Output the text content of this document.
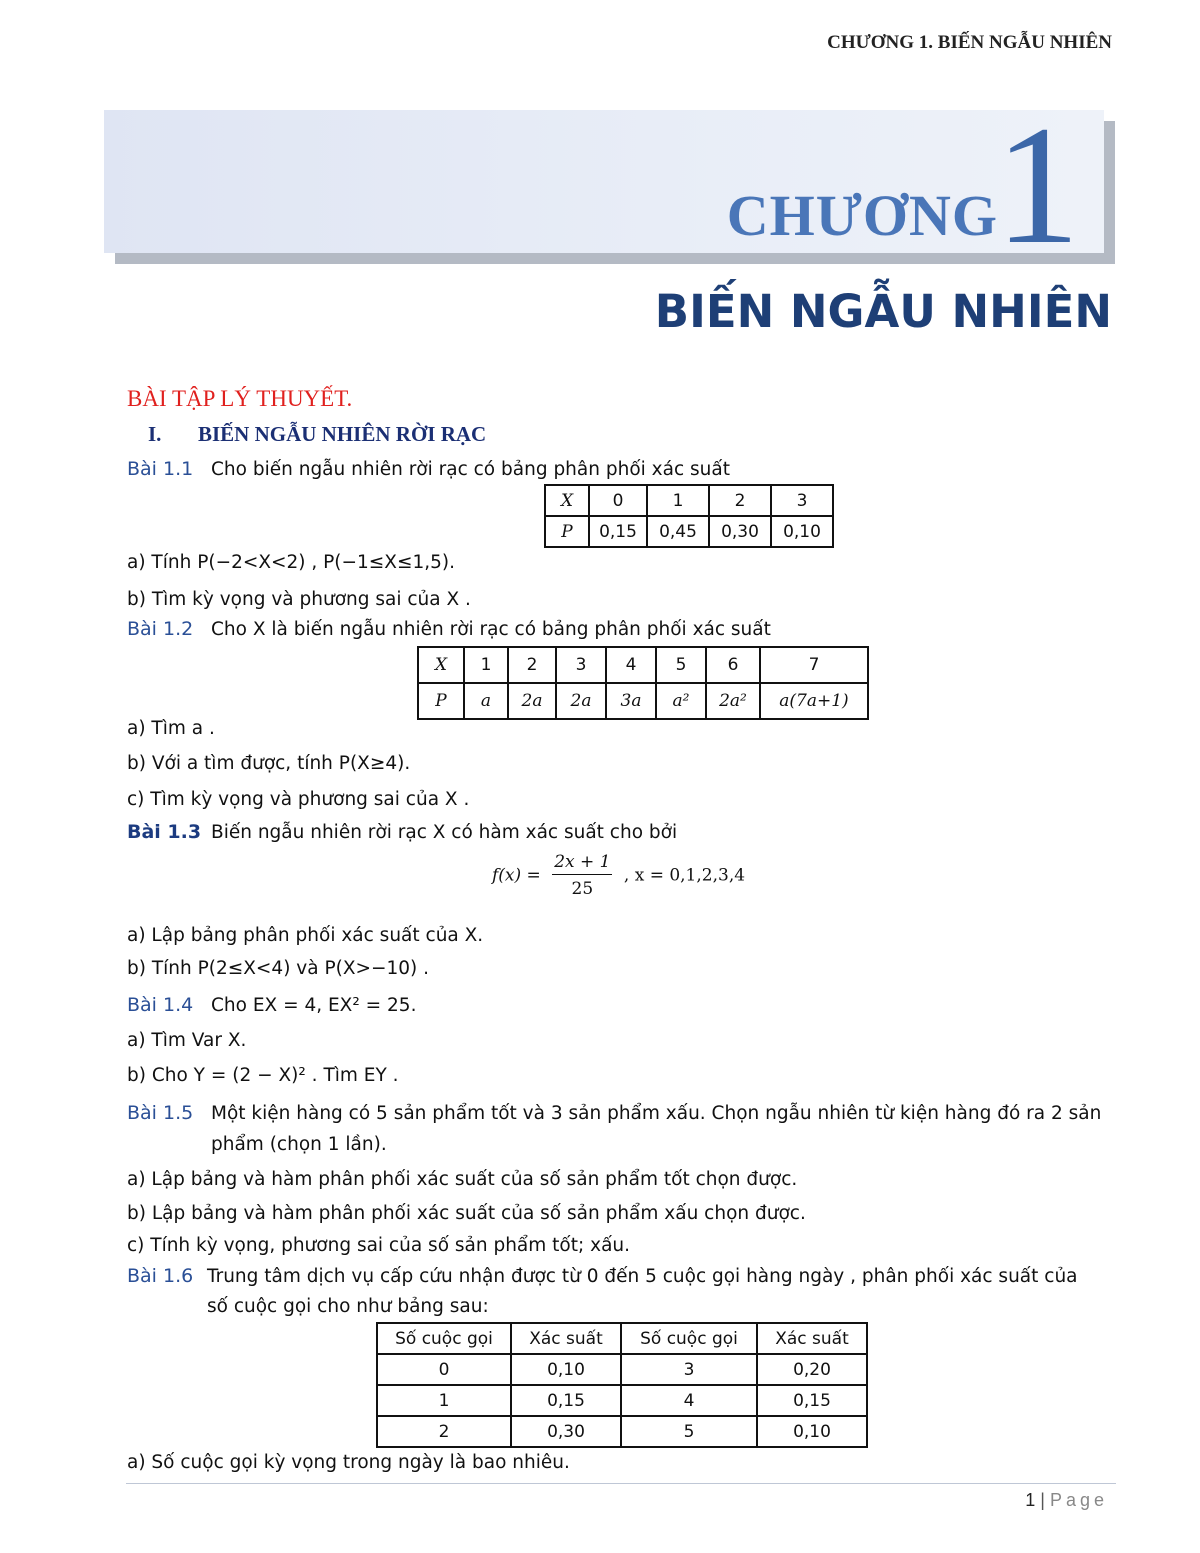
CHƯƠNG 1. BIẾN NGẪU NHIÊN
CHƯƠNG
1
BIẾN NGẪU NHIÊN
BÀI TẬP LÝ THUYẾT.
I. BIẾN NGẪU NHIÊN RỜI RẠC
Bài 1.1 Cho biến ngẫu nhiên rời rạc có bảng phân phối xác suất
X	0	1	2	3
P	0,15	0,45	0,30	0,10
a) Tính P(−2<X<2) , P(−1≤X≤1,5).
b) Tìm kỳ vọng và phương sai của X .
Bài 1.2 Cho X là biến ngẫu nhiên rời rạc có bảng phân phối xác suất
X	1	2	3	4	5	6	7
P	a	2a	2a	3a	a²	2a²	a(7a+1)
a) Tìm a .
b) Với a tìm được, tính P(X≥4).
c) Tìm kỳ vọng và phương sai của X .
Bài 1.3 Biến ngẫu nhiên rời rạc X có hàm xác suất cho bởi
$f(x) = \frac{2x + 1}{25}$ , x = 0,1,2,3,4
a) Lập bảng phân phối xác suất của X.
b) Tính P(2≤X<4) và P(X>−10) .
Bài 1.4 Cho EX = 4, EX² = 25.
a) Tìm Var X.
b) Cho Y = (2 − X)² . Tìm EY .
Bài 1.5 Một kiện hàng có 5 sản phẩm tốt và 3 sản phẩm xấu. Chọn ngẫu nhiên từ kiện hàng đó ra 2 sản
phẩm (chọn 1 lần).
a) Lập bảng và hàm phân phối xác suất của số sản phẩm tốt chọn được.
b) Lập bảng và hàm phân phối xác suất của số sản phẩm xấu chọn được.
c) Tính kỳ vọng, phương sai của số sản phẩm tốt; xấu.
Bài 1.6 Trung tâm dịch vụ cấp cứu nhận được từ 0 đến 5 cuộc gọi hàng ngày , phân phối xác suất của
số cuộc gọi cho như bảng sau:
Số cuộc gọi	Xác suất	Số cuộc gọi	Xác suất
0	0,10	3	0,20
1	0,15	4	0,15
2	0,30	5	0,10
a) Số cuộc gọi kỳ vọng trong ngày là bao nhiêu.
1 | Page
